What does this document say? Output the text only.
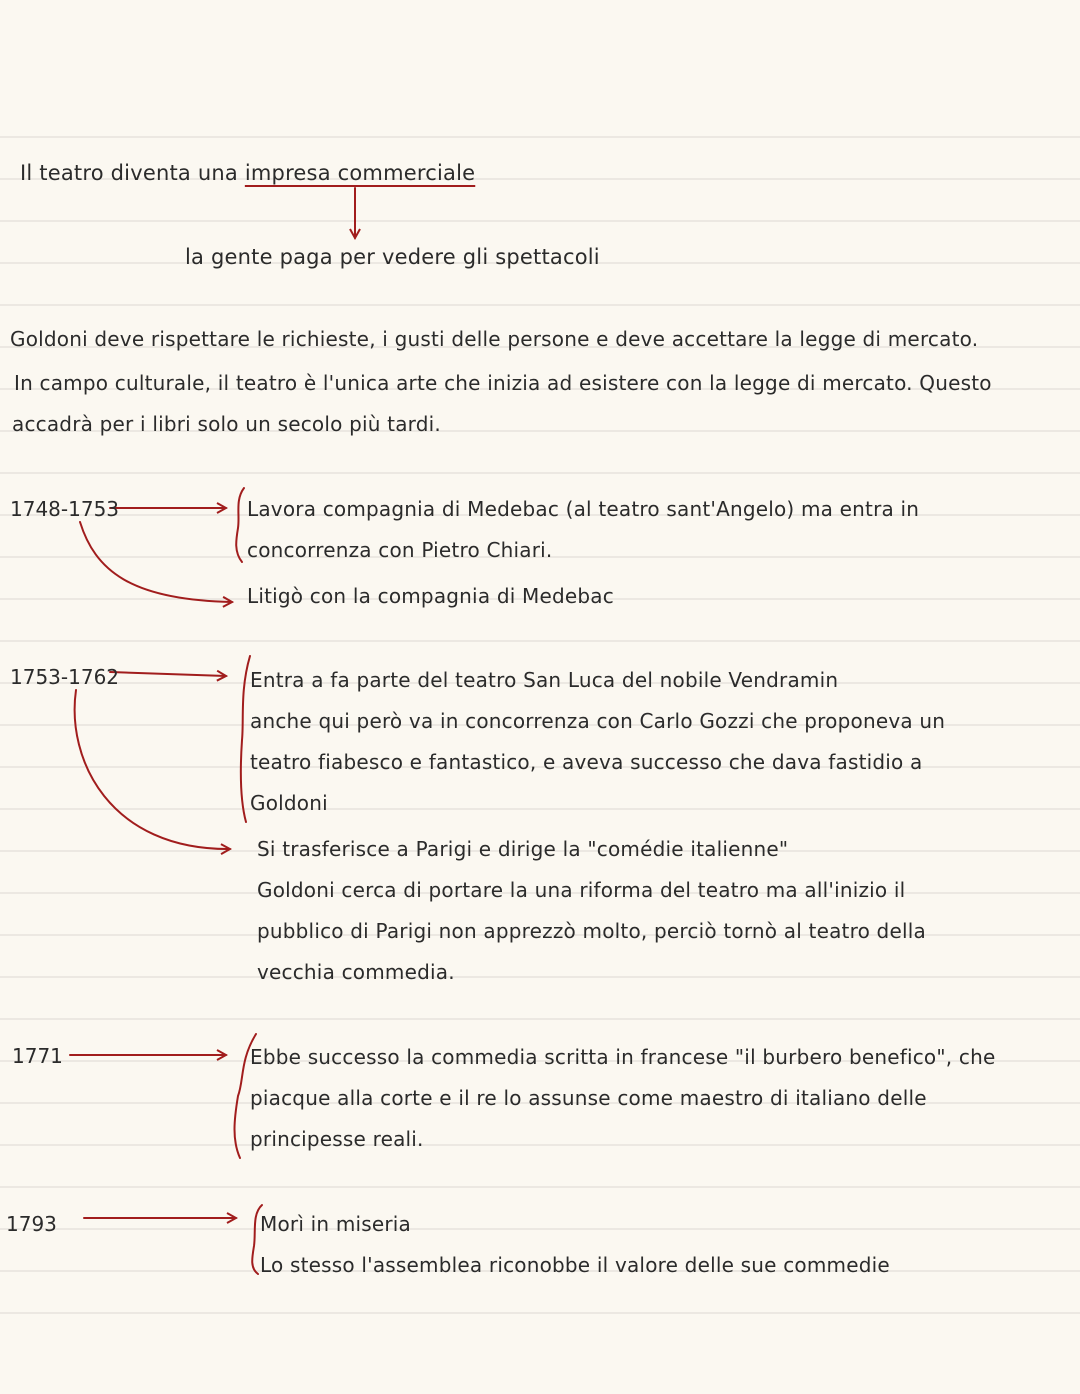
Il teatro diventa una impresa commerciale
la gente paga per vedere gli spettacoli
Goldoni deve rispettare le richieste, i gusti delle persone e deve accettare la legge di mercato.
In campo culturale, il teatro è l'unica arte che inizia ad esistere con la legge di mercato. Questo
accadrà per i libri solo un secolo più tardi.
1748-1753	Lavora compagnia di Medebac (al teatro sant'Angelo) ma entra in
concorrenza con Pietro Chiari.
Litigò con la compagnia di Medebac
1753-1762	Entra a fa parte del teatro San Luca del nobile Vendramin
anche qui però va in concorrenza con Carlo Gozzi che proponeva un
teatro fiabesco e fantastico, e aveva successo che dava fastidio a
Goldoni
Si trasferisce a Parigi e dirige la "comédie italienne"
Goldoni cerca di portare la una riforma del teatro ma all'inizio il
pubblico di Parigi non apprezzò molto, perciò tornò al teatro della
vecchia commedia.
1771	Ebbe successo la commedia scritta in francese "il burbero benefico", che
piacque alla corte e il re lo assunse come maestro di italiano delle
principesse reali.
1793	Morì in miseria
Lo stesso l'assemblea riconobbe il valore delle sue commedie
